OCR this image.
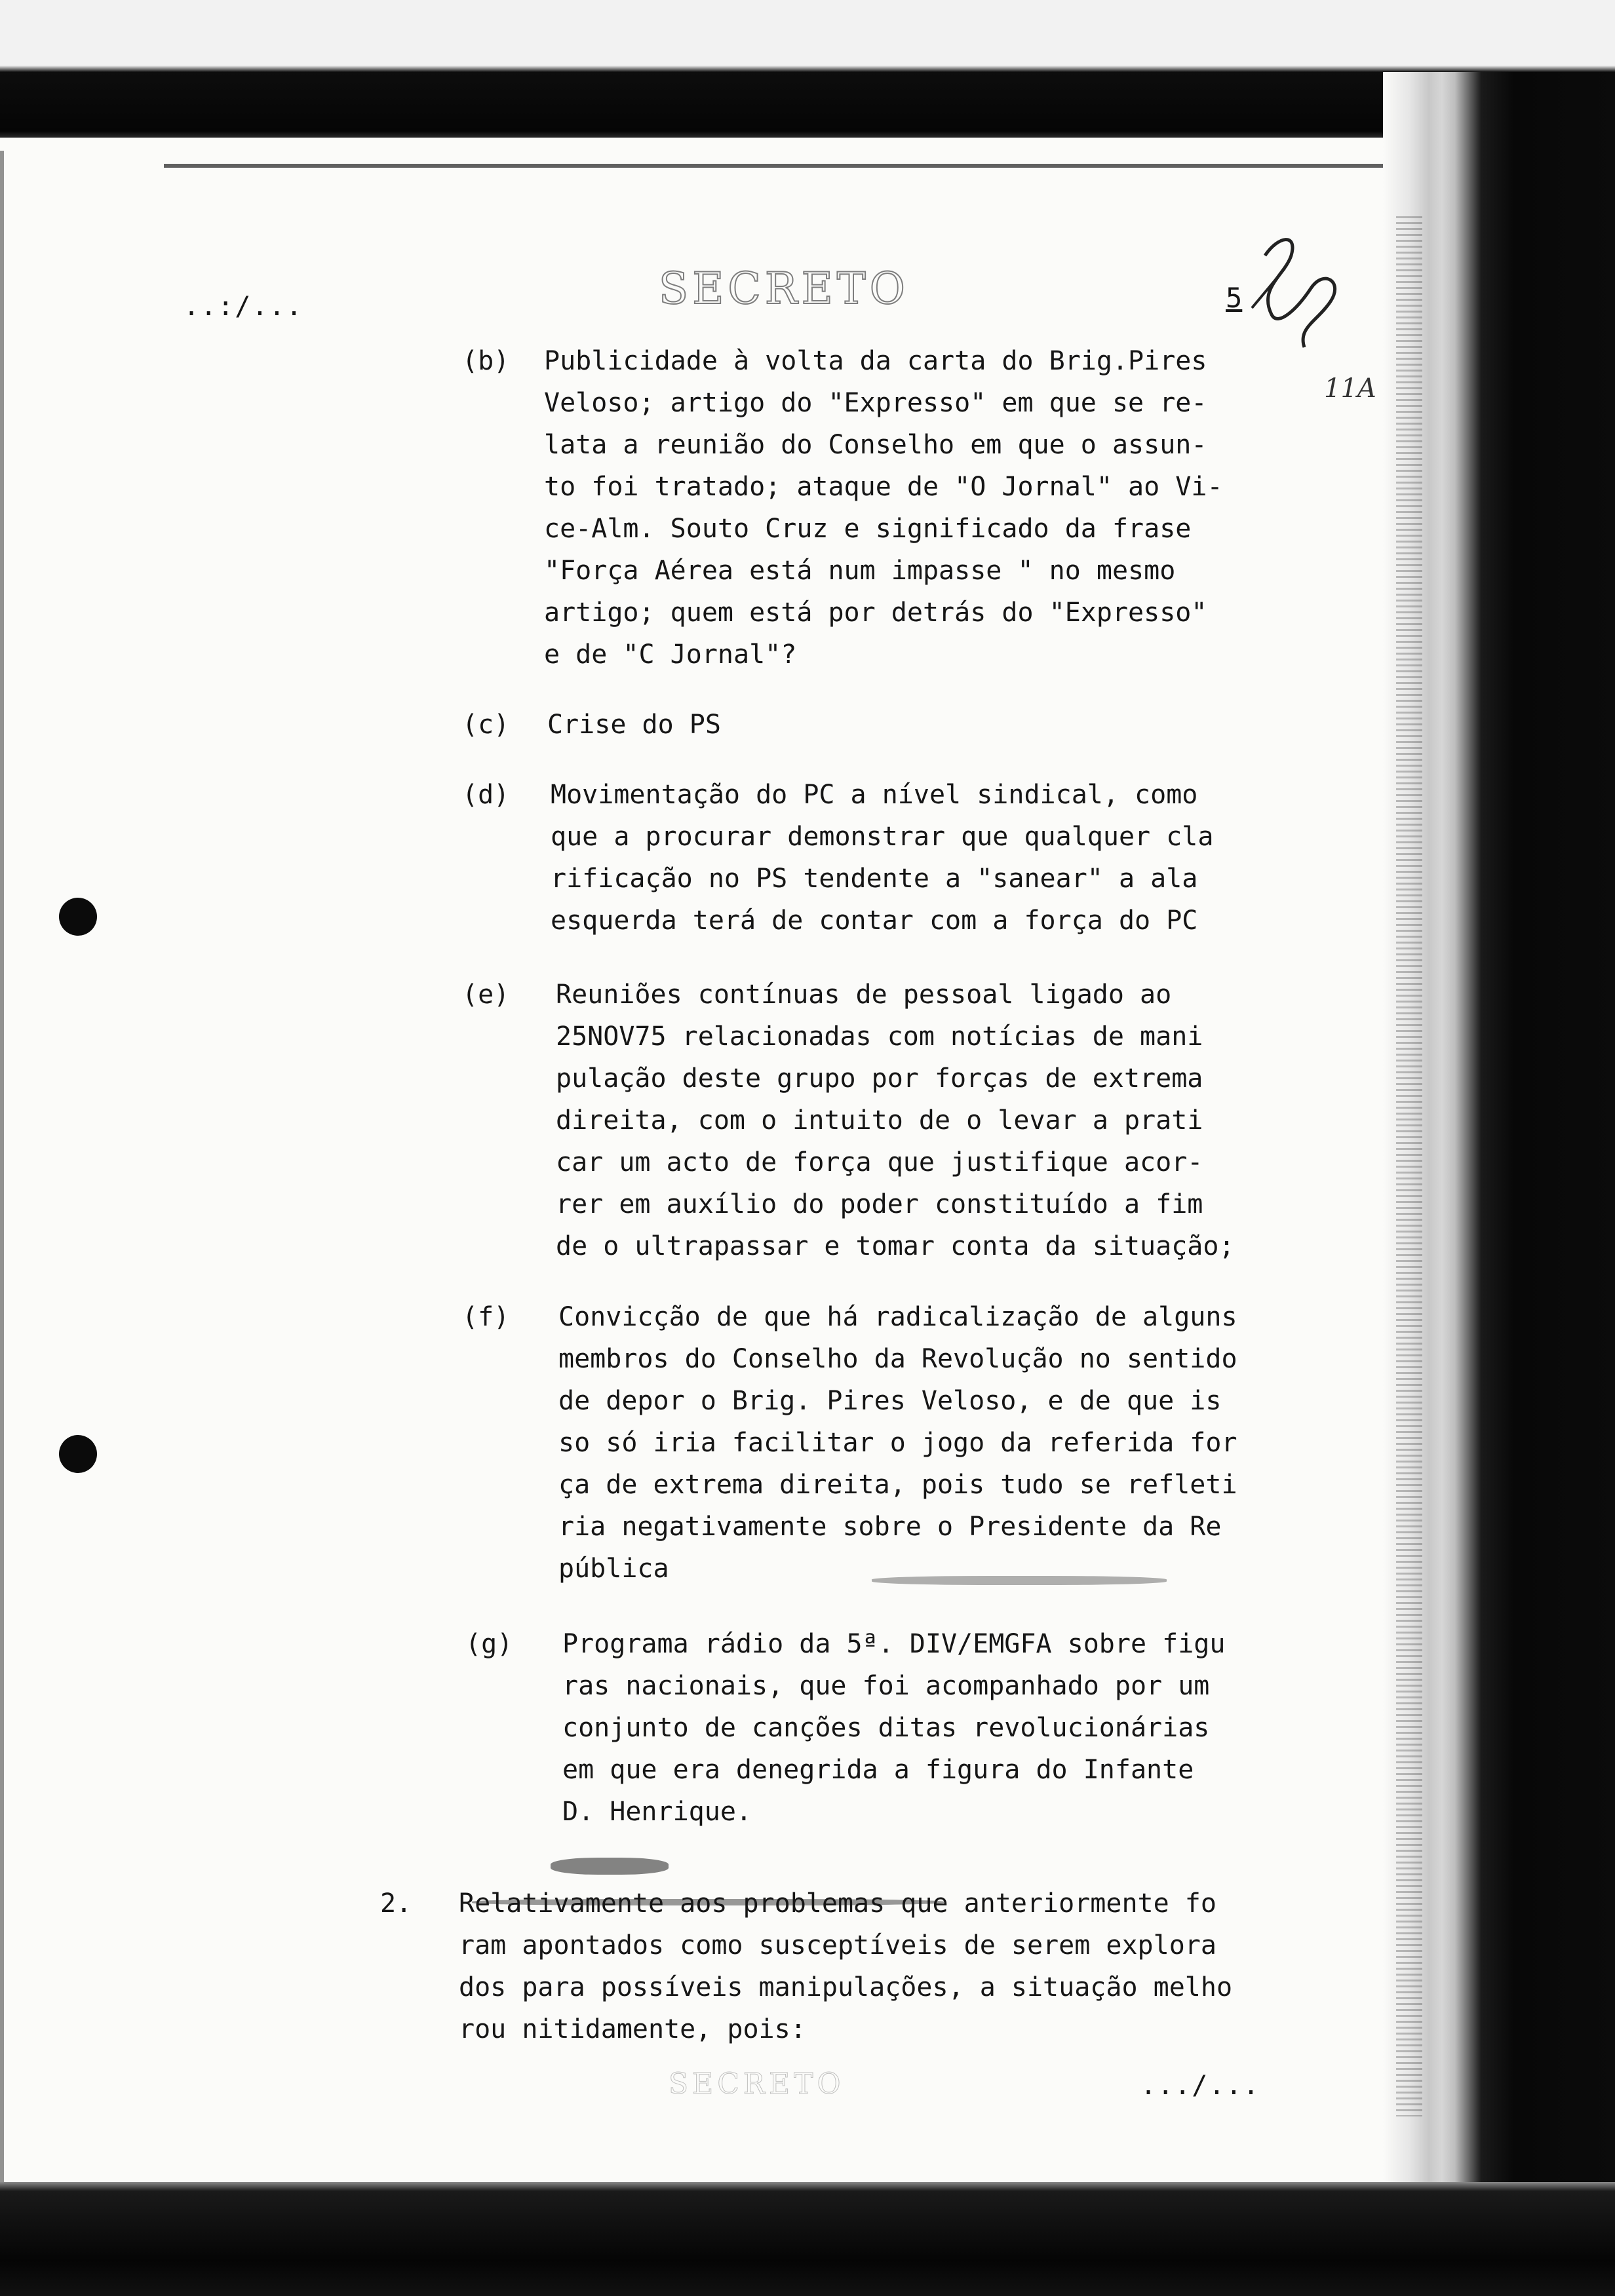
..:/...	SECRETO	5
11A
(b) Publicidade à volta da carta do Brig.Pires
Veloso; artigo do "Expresso" em que se re-
lata a reunião do Conselho em que o assun-
to foi tratado; ataque de "O Jornal" ao Vi-
ce-Alm. Souto Cruz e significado da frase
"Força Aérea está num impasse " no mesmo
artigo; quem está por detrás do "Expresso"
e de "C Jornal"?
(c) Crise do PS
(d) Movimentação do PC a nível sindical, como
que a procurar demonstrar que qualquer cla
rificação no PS tendente a "sanear" a ala
esquerda terá de contar com a força do PC
(e) Reuniões contínuas de pessoal ligado ao
25NOV75 relacionadas com notícias de mani
pulação deste grupo por forças de extrema
direita, com o intuito de o levar a prati
car um acto de força que justifique acor-
rer em auxílio do poder constituído a fim
de o ultrapassar e tomar conta da situação;
(f) Convicção de que há radicalização de alguns
membros do Conselho da Revolução no sentido
de depor o Brig. Pires Veloso, e de que is
so só iria facilitar o jogo da referida for
ça de extrema direita, pois tudo se refleti
ria negativamente sobre o Presidente da Re
pública
(g) Programa rádio da 5ª. DIV/EMGFA sobre figu
ras nacionais, que foi acompanhado por um
conjunto de canções ditas revolucionárias
em que era denegrida a figura do Infante
D. Henrique.
2. Relativamente aos problemas que anteriormente fo
ram apontados como susceptíveis de serem explora
dos para possíveis manipulações, a situação melho
rou nitidamente, pois:
SECRETO	.../...
